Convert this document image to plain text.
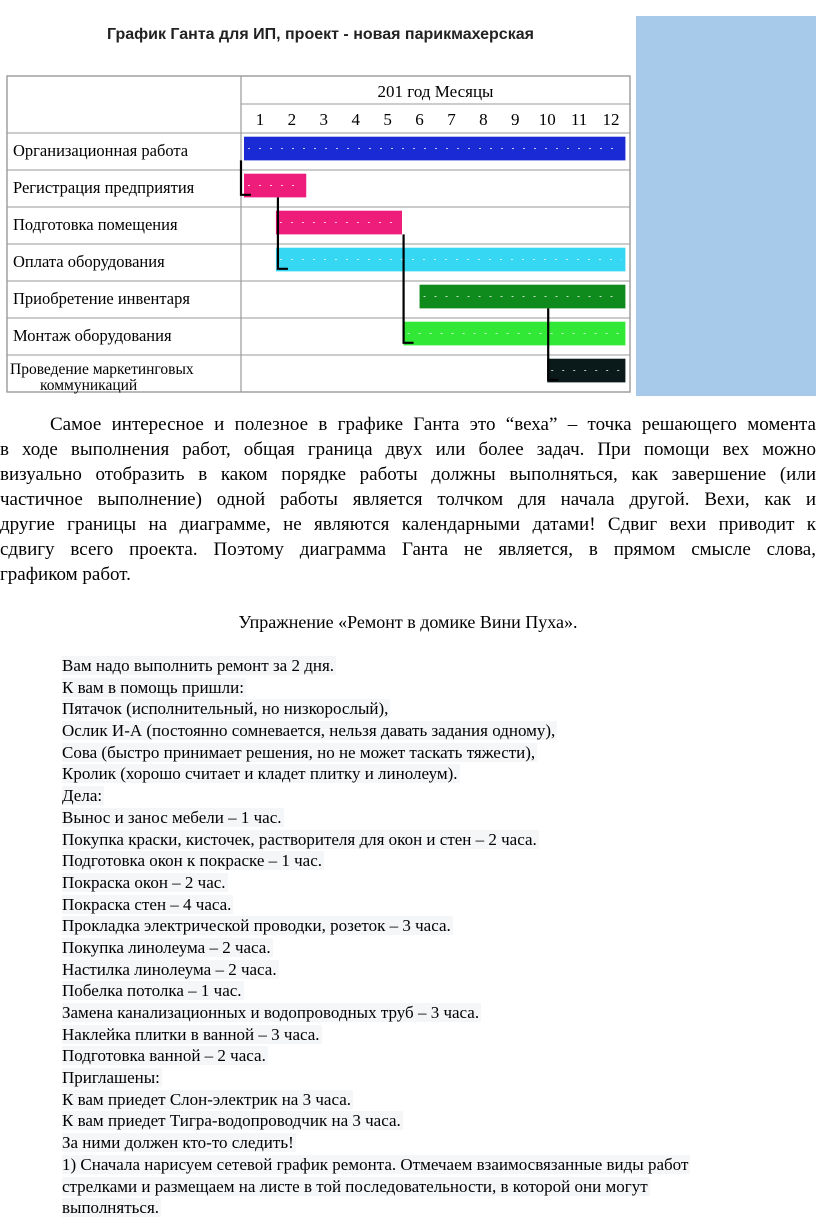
График Ганта для ИП, проект - новая парикмахерская
201 год Месяцы
1 2 3 4 5 6 7 8 9 10 11 12
Организационная работа
Регистрация предприятия
Подготовка помещения
Оплата оборудования
Приобретение инвентаря
Монтаж оборудования
Проведение маркетинговых
коммуникаций
Самое интересное и полезное в графике Ганта это “веха” – точка решающего момента
в ходе выполнения работ, общая граница двух или более задач. При помощи вех можно
визуально отобразить в каком порядке работы должны выполняться, как завершение (или
частичное выполнение) одной работы является толчком для начала другой. Вехи, как и
другие границы на диаграмме, не являются календарными датами! Сдвиг вехи приводит к
сдвигу всего проекта. Поэтому диаграмма Ганта не является, в прямом смысле слова,
графиком работ.
Упражнение «Ремонт в домике Вини Пуха».
Вам надо выполнить ремонт за 2 дня.
К вам в помощь пришли:
Пятачок (исполнительный, но низкорослый),
Ослик И-А (постоянно сомневается, нельзя давать задания одному),
Сова (быстро принимает решения, но не может таскать тяжести),
Кролик (хорошо считает и кладет плитку и линолеум).
Дела:
Вынос и занос мебели – 1 час.
Покупка краски, кисточек, растворителя для окон и стен – 2 часа.
Подготовка окон к покраске – 1 час.
Покраска окон – 2 час.
Покраска стен – 4 часа.
Прокладка электрической проводки, розеток – 3 часа.
Покупка линолеума – 2 часа.
Настилка линолеума – 2 часа.
Побелка потолка – 1 час.
Замена канализационных и водопроводных труб – 3 часа.
Наклейка плитки в ванной – 3 часа.
Подготовка ванной – 2 часа.
Приглашены:
К вам приедет Слон-электрик на 3 часа.
К вам приедет Тигра-водопроводчик на 3 часа.
За ними должен кто-то следить!
1) Сначала нарисуем сетевой график ремонта. Отмечаем взаимосвязанные виды работ
стрелками и размещаем на листе в той последовательности, в которой они могут
выполняться.
